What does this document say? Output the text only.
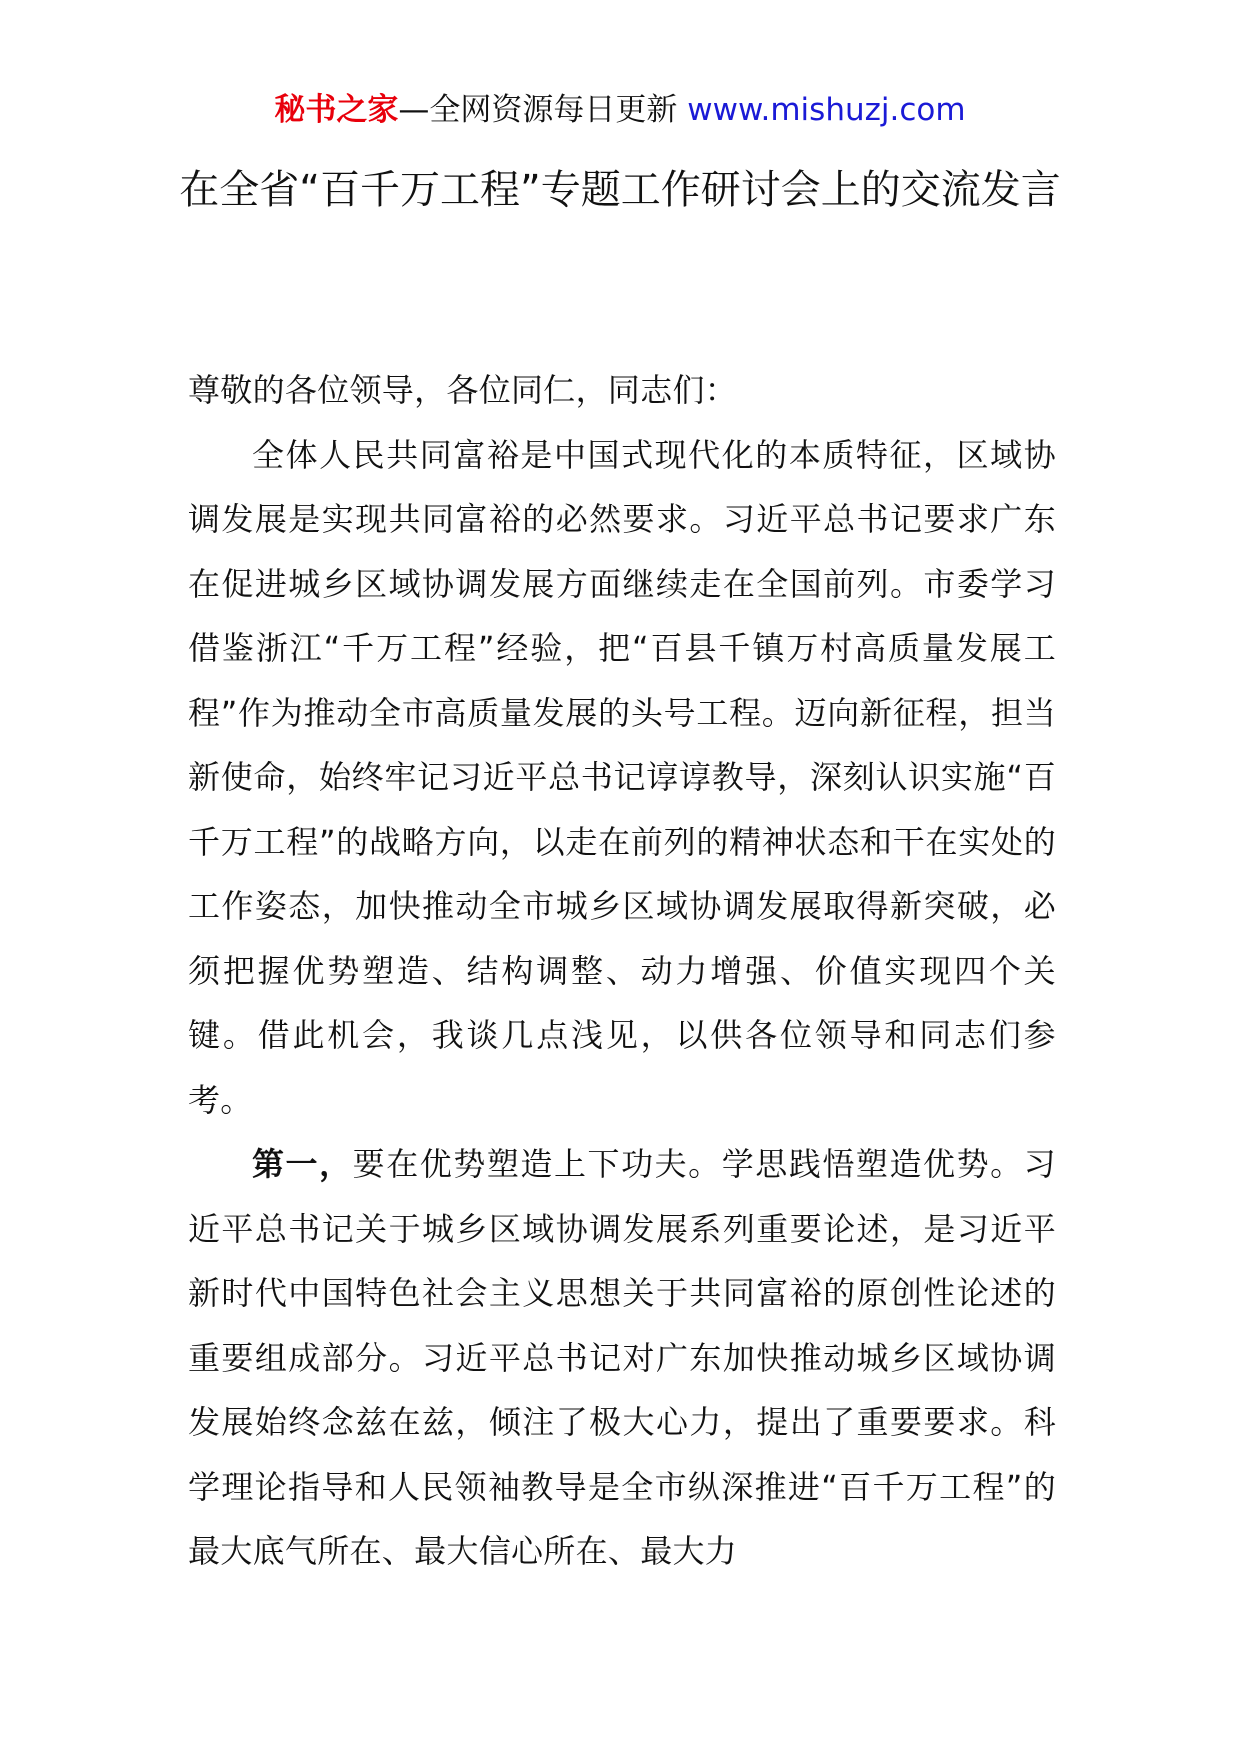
秘书之家—全网资源每日更新 www.mishuzj.com
在全省“百千万工程”专题工作研讨会上的交流发言

尊敬的各位领导，各位同仁，同志们：

全体人民共同富裕是中国式现代化的本质特征，区域协调发展是实现共同富裕的必然要求。习近平总书记要求广东在促进城乡区域协调发展方面继续走在全国前列。市委学习借鉴浙江“千万工程”经验，把“百县千镇万村高质量发展工程”作为推动全市高质量发展的头号工程。迈向新征程，担当新使命，始终牢记习近平总书记谆谆教导，深刻认识实施“百千万工程”的战略方向，以走在前列的精神状态和干在实处的工作姿态，加快推动全市城乡区域协调发展取得新突破，必须把握优势塑造、结构调整、动力增强、价值实现四个关键。借此机会，我谈几点浅见，以供各位领导和同志们参考。

第一，要在优势塑造上下功夫。学思践悟塑造优势。习近平总书记关于城乡区域协调发展系列重要论述，是习近平新时代中国特色社会主义思想关于共同富裕的原创性论述的重要组成部分。习近平总书记对广东加快推动城乡区域协调发展始终念兹在兹，倾注了极大心力，提出了重要要求。科学理论指导和人民领袖教导是全市纵深推进“百千万工程”的最大底气所在、最大信心所在、最大力
